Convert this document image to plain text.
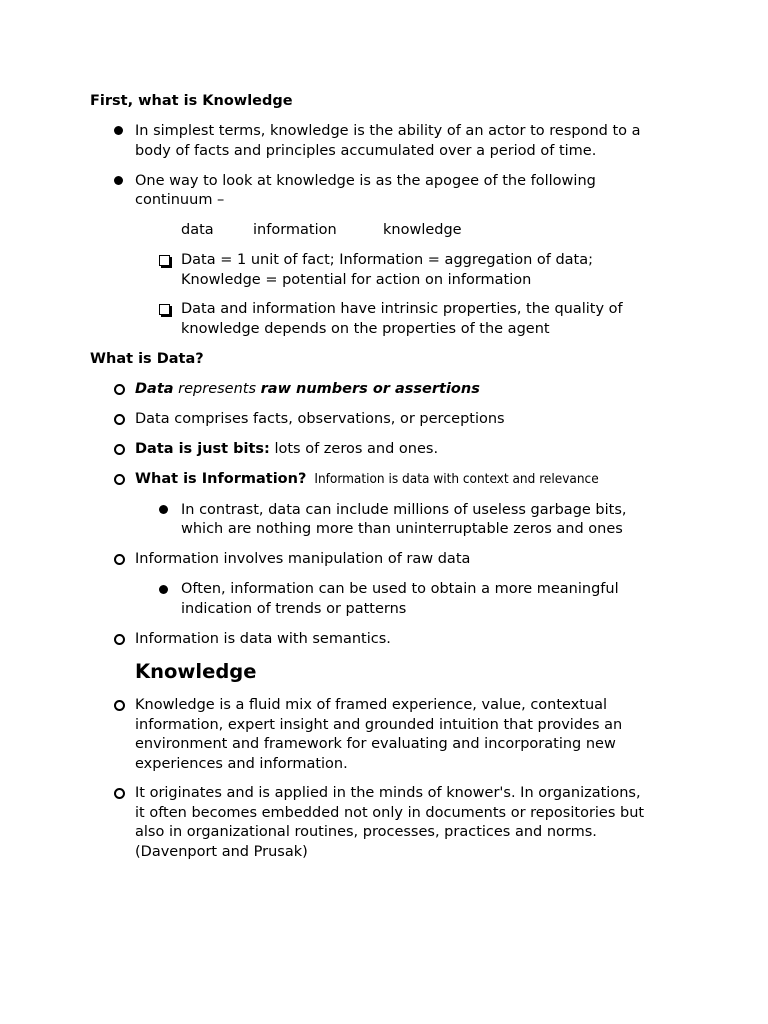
First, what is Knowledge
In simplest terms, knowledge is the ability of an actor to respond to a
body of facts and principles accumulated over a period of time.
One way to look at knowledge is as the apogee of the following
continuum –
data	information	knowledge
Data = 1 unit of fact; Information = aggregation of data;
Knowledge = potential for action on information
Data and information have intrinsic properties, the quality of
knowledge depends on the properties of the agent
What is Data?
Data represents raw numbers or assertions
Data comprises facts, observations, or perceptions
Data is just bits: lots of zeros and ones.
What is Information? Information is data with context and relevance
In contrast, data can include millions of useless garbage bits,
which are nothing more than uninterruptable zeros and ones
Information involves manipulation of raw data
Often, information can be used to obtain a more meaningful
indication of trends or patterns
Information is data with semantics.
Knowledge
Knowledge is a fluid mix of framed experience, value, contextual
information, expert insight and grounded intuition that provides an
environment and framework for evaluating and incorporating new
experiences and information.
It originates and is applied in the minds of knower's. In organizations,
it often becomes embedded not only in documents or repositories but
also in organizational routines, processes, practices and norms.
(Davenport and Prusak)
